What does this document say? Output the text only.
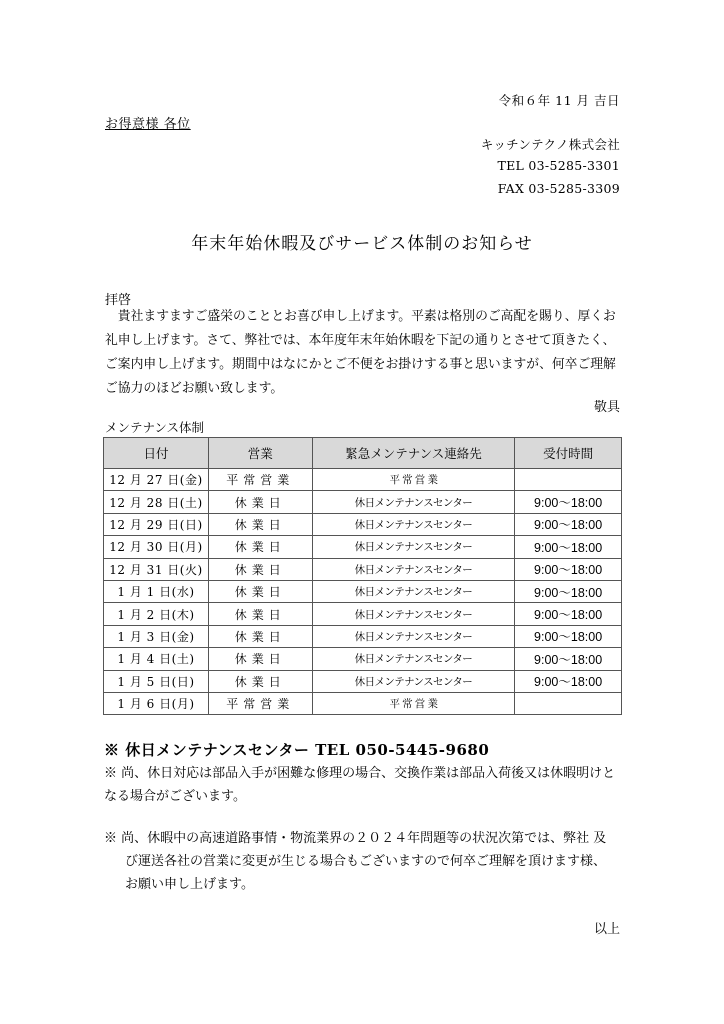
令和６年 11 月 吉日
お得意様 各位
キッチンテクノ株式会社
TEL 03-5285-3301
FAX 03-5285-3309
年末年始休暇及びサービス体制のお知らせ
拝啓
　貴社ますますご盛栄のこととお喜び申し上げます。平素は格別のご高配を賜り、厚くお礼申し上げます。さて、弊社では、本年度年末年始休暇を下記の通りとさせて頂きたく、ご案内申し上げます。期間中はなにかとご不便をお掛けする事と思いますが、何卒ご理解ご協力のほどお願い致します。
敬具
メンテナンス体制
日付	営業	緊急メンテナンス連絡先	受付時間
12 月 27 日(金)	平常営業	平 常 営 業	
12 月 28 日(土)	休業日	休日メンテナンスセンター	9:00～18:00
12 月 29 日(日)	休業日	休日メンテナンスセンター	9:00～18:00
12 月 30 日(月)	休業日	休日メンテナンスセンター	9:00～18:00
12 月 31 日(火)	休業日	休日メンテナンスセンター	9:00～18:00
1 月 1 日(水)	休業日	休日メンテナンスセンター	9:00～18:00
1 月 2 日(木)	休業日	休日メンテナンスセンター	9:00～18:00
1 月 3 日(金)	休業日	休日メンテナンスセンター	9:00～18:00
1 月 4 日(土)	休業日	休日メンテナンスセンター	9:00～18:00
1 月 5 日(日)	休業日	休日メンテナンスセンター	9:00～18:00
1 月 6 日(月)	平常営業	平 常 営 業	
※ 休日メンテナンスセンター TEL 050-5445-9680
※ 尚、休日対応は部品入手が困難な修理の場合、交換作業は部品入荷後又は休暇明けとなる場合がございます。
※ 尚、休暇中の高速道路事情・物流業界の２０２４年問題等の状況次第では、弊社 及
び運送各社の営業に変更が生じる場合もございますので何卒ご理解を頂けます様、
お願い申し上げます。
以上
